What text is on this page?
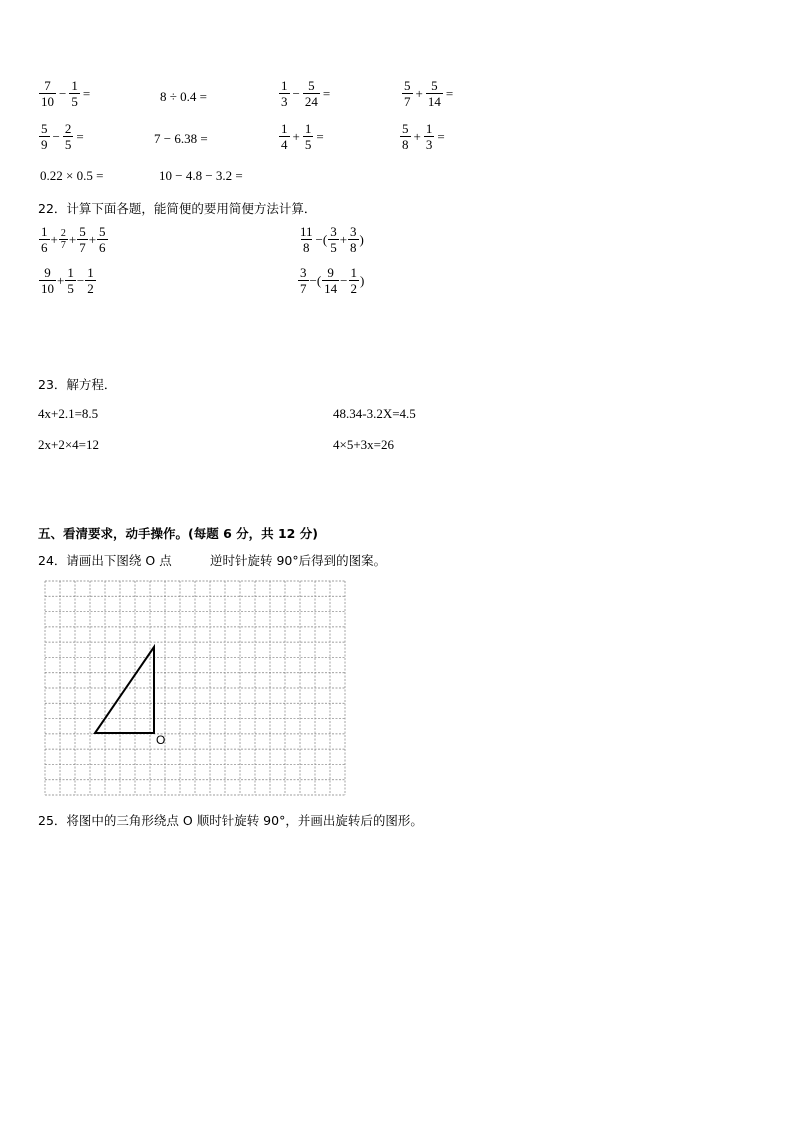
$\frac{7}{10} - \frac{1}{5}$ =	8 ÷ 0.4 =	$\frac{1}{3} - \frac{5}{24}$ =	$\frac{5}{7} + \frac{5}{14}$ =
$\frac{5}{9} - \frac{2}{5}$ =	7 − 6.38 =	$\frac{1}{4} + \frac{1}{5}$ =	$\frac{5}{8} + \frac{1}{3}$ =
0.22 × 0.5 =	10 − 4.8 − 3.2 =
22．计算下面各题，能简便的要用简便方法计算．
$\frac{1}{6} + \frac{2}{7} + \frac{5}{7} + \frac{5}{6}$	$\frac{11}{8}$ −( $\frac{3}{5} + \frac{3}{8}$ )
$\frac{9}{10} + \frac{1}{5} - \frac{1}{2}$	$\frac{3}{7}$ −( $\frac{9}{14} - \frac{1}{2}$ )
23．解方程．
4x+2.1=8.5	48.34-3.2X=4.5
2x+2×4=12	4×5+3x=26
五、看清要求，动手操作。(每题 6 分，共 12 分)
24．请画出下图绕 O 点	逆时针旋转 90°后得到的图案。
O
25．将图中的三角形绕点 O 顺时针旋转 90°，并画出旋转后的图形。
